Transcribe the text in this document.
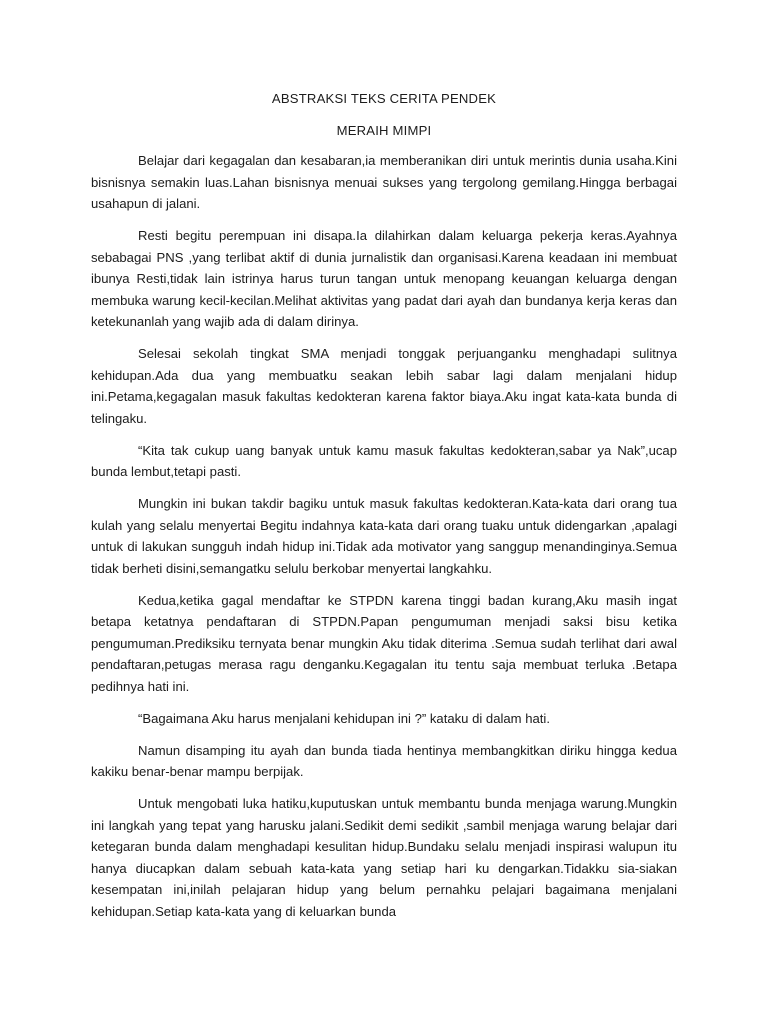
ABSTRAKSI TEKS CERITA PENDEK
MERAIH MIMPI

Belajar dari kegagalan dan kesabaran,ia memberanikan diri untuk merintis dunia usaha.Kini bisnisnya semakin luas.Lahan bisnisnya menuai sukses yang tergolong gemilang.Hingga berbagai usahapun di jalani.

Resti begitu perempuan ini disapa.Ia dilahirkan dalam keluarga pekerja keras.Ayahnya sebabagai PNS ,yang terlibat aktif di dunia jurnalistik dan organisasi.Karena keadaan ini membuat ibunya Resti,tidak lain istrinya harus turun tangan untuk menopang keuangan keluarga dengan membuka warung kecil-kecilan.Melihat aktivitas yang padat dari ayah dan bundanya kerja keras dan ketekunanlah yang wajib ada di dalam dirinya.

Selesai sekolah tingkat SMA menjadi tonggak perjuanganku menghadapi sulitnya kehidupan.Ada dua yang membuatku seakan lebih sabar lagi dalam menjalani hidup ini.Petama,kegagalan masuk fakultas kedokteran karena faktor biaya.Aku ingat kata-kata bunda di telingaku.

“Kita tak cukup uang banyak untuk kamu masuk fakultas kedokteran,sabar ya Nak”,ucap bunda lembut,tetapi pasti.

Mungkin ini bukan takdir bagiku untuk masuk fakultas kedokteran.Kata-kata dari orang tua kulah yang selalu menyertai Begitu indahnya kata-kata dari orang tuaku untuk didengarkan ,apalagi untuk di lakukan sungguh indah hidup ini.Tidak ada motivator yang sanggup menandinginya.Semua tidak berheti disini,semangatku selulu berkobar menyertai langkahku.

Kedua,ketika gagal mendaftar ke STPDN karena tinggi badan kurang,Aku masih ingat betapa ketatnya pendaftaran di STPDN.Papan pengumuman menjadi saksi bisu ketika pengumuman.Prediksiku ternyata benar mungkin Aku tidak diterima .Semua sudah terlihat dari awal pendaftaran,petugas merasa ragu denganku.Kegagalan itu tentu saja membuat terluka .Betapa pedihnya hati ini.

“Bagaimana Aku harus menjalani kehidupan ini ?” kataku di dalam hati.

Namun disamping itu ayah dan bunda tiada hentinya membangkitkan diriku hingga kedua kakiku benar-benar mampu berpijak.

Untuk mengobati luka hatiku,kuputuskan untuk membantu bunda menjaga warung.Mungkin ini langkah yang tepat yang harusku jalani.Sedikit demi sedikit ,sambil menjaga warung belajar dari ketegaran bunda dalam menghadapi kesulitan hidup.Bundaku selalu menjadi inspirasi walupun itu hanya diucapkan dalam sebuah kata-kata yang setiap hari ku dengarkan.Tidakku sia-siakan kesempatan ini,inilah pelajaran hidup yang belum pernahku pelajari bagaimana menjalani kehidupan.Setiap kata-kata yang di keluarkan bunda
